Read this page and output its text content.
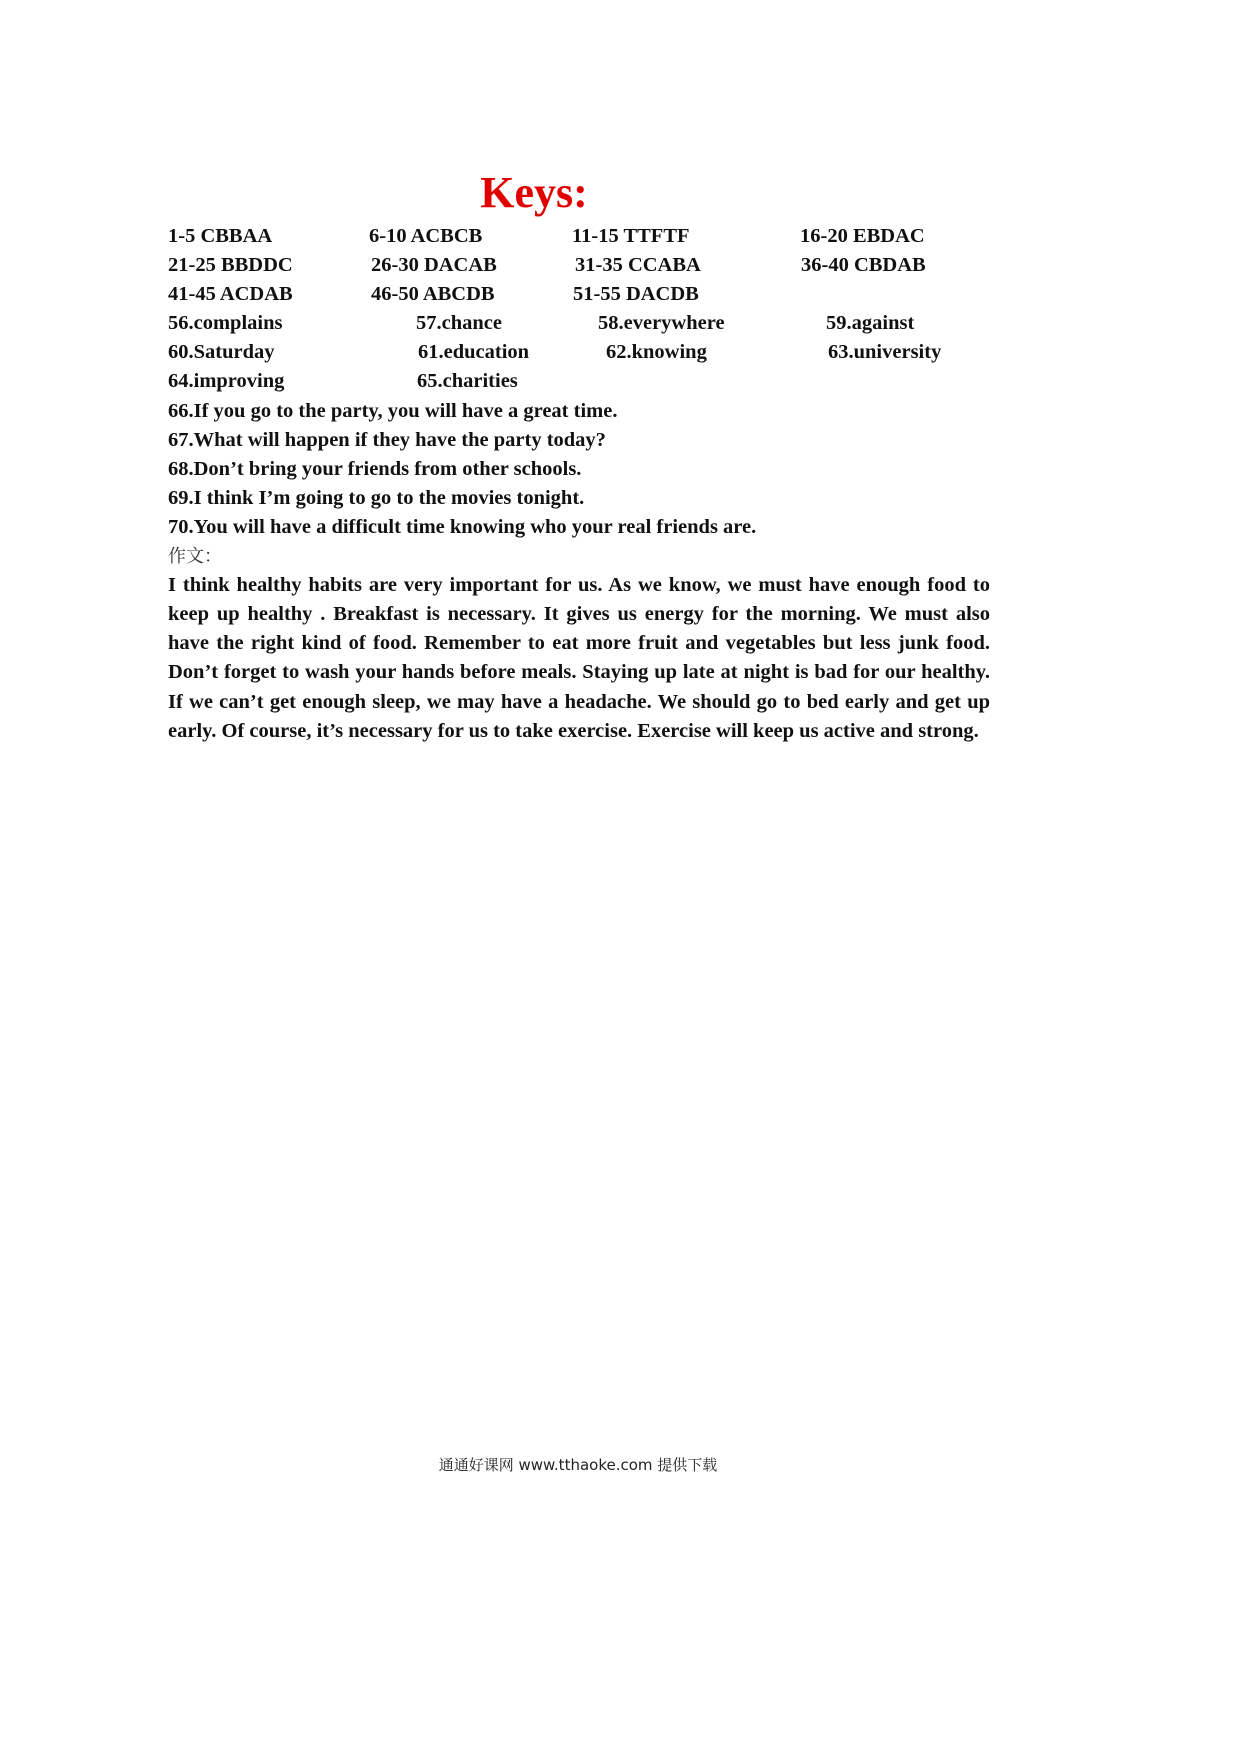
Keys:
1-5 CBBAA	6-10 ACBCB	11-15 TTFTF	16-20 EBDAC
21-25 BBDDC	26-30 DACAB	31-35 CCABA	36-40 CBDAB
41-45 ACDAB	46-50 ABCDB	51-55 DACDB
56.complains	57.chance	58.everywhere	59.against
60.Saturday	61.education	62.knowing	63.university
64.improving	65.charities
66.If you go to the party, you will have a great time.
67.What will happen if they have the party today?
68.Don’t bring your friends from other schools.
69.I think I’m going to go to the movies tonight.
70.You will have a difficult time knowing who your real friends are.
作文：

I think healthy habits are very important for us. As we know, we must have enough food to keep up healthy . Breakfast is necessary. It gives us energy for the morning. We must also have the right kind of food. Remember to eat more fruit and vegetables but less junk food. Don’t forget to wash your hands before meals. Staying up late at night is bad for our healthy. If we can’t get enough sleep, we may have a headache. We should go to bed early and get up early. Of course, it’s necessary for us to take exercise. Exercise will keep us active and strong.

通通好课网 www.tthaoke.com 提供下载
